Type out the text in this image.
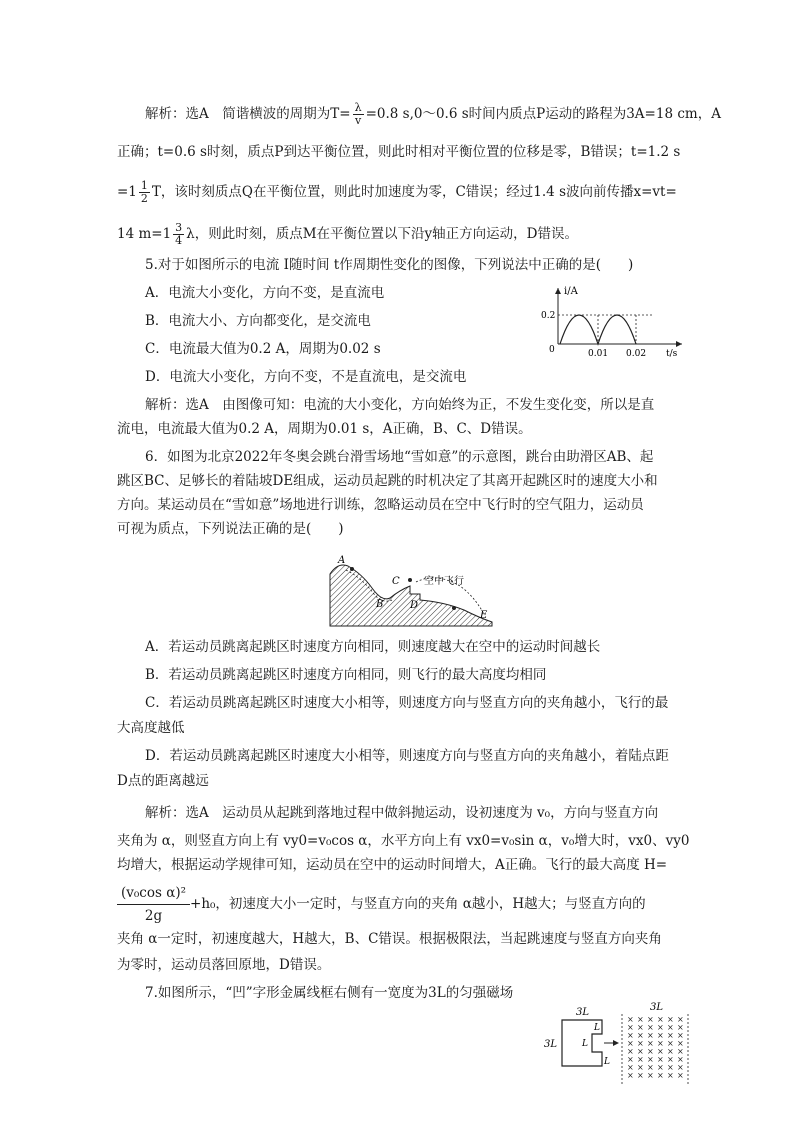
解析：选A　简谐横波的周期为$T= \frac{\lambda}{v} =0.8$ s,0～0.6 s时间内质点P运动的路程为3A=18 cm，A
正确；t=0.6 s时刻，质点P到达平衡位置，则此时相对平衡位置的位移是零，B错误；t=1.2 s
$=1 \frac{1}{2}$ T，该时刻质点Q在平衡位置，则此时加速度为零，C错误；经过1.4 s波向前传播x=vt=
14 $m=1 \frac{3}{4}$ λ，则此时刻，质点M在平衡位置以下沿y轴正方向运动，D错误。
5.对于如图所示的电流 I随时间 t作周期性变化的图像，下列说法中正确的是(　　)
A．电流大小变化，方向不变，是直流电
B．电流大小、方向都变化，是交流电
C．电流最大值为0.2 A，周期为0.02 s
D．电流大小变化，方向不变，不是直流电，是交流电
i/A
0.2
0	0.01 0.02 t/s
解析：选A　由图像可知：电流的大小变化，方向始终为正，不发生变化变，所以是直
流电，电流最大值为0.2 A，周期为0.01 s，A正确，B、C、D错误。
6．如图为北京2022年冬奥会跳台滑雪场地“雪如意”的示意图，跳台由助滑区AB、起
跳区BC、足够长的着陆坡DE组成，运动员起跳的时机决定了其离开起跳区时的速度大小和
方向。某运动员在“雪如意”场地进行训练，忽略运动员在空中飞行时的空气阻力，运动员
可视为质点，下列说法正确的是(　　)
A
B
C
D
E
空中飞行
A．若运动员跳离起跳区时速度方向相同，则速度越大在空中的运动时间越长
B．若运动员跳离起跳区时速度方向相同，则飞行的最大高度均相同
C．若运动员跳离起跳区时速度大小相等，则速度方向与竖直方向的夹角越小，飞行的最
大高度越低
D．若运动员跳离起跳区时速度大小相等，则速度方向与竖直方向的夹角越小，着陆点距
D点的距离越远
解析：选A　运动员从起跳到落地过程中做斜抛运动，设初速度为 v₀，方向与竖直方向
夹角为 α，则竖直方向上有 vy0=v₀cos α，水平方向上有 vx0=v₀sin α，v₀增大时，vx0、vy0
均增大，根据运动学规律可知，运动员在空中的运动时间增大，A正确。飞行的最大高度 H=
$\frac{\text{(v₀cos α)²}}{2g} +h_0$，初速度大小一定时，与竖直方向的夹角 α越小，H越大；与竖直方向的
夹角 α一定时，初速度越大，H越大，B、C错误。根据极限法，当起跳速度与竖直方向夹角
为零时，运动员落回原地，D错误。
7.如图所示，“凹”字形金属线框右侧有一宽度为3L的匀强磁场
× × × × × ×
× × × × × ×
× × × × × ×
× × × × × ×
× × × × × ×
× × × × × ×
× × × × × ×
× × × × × ×
3L
3L
L
L
L
3L
